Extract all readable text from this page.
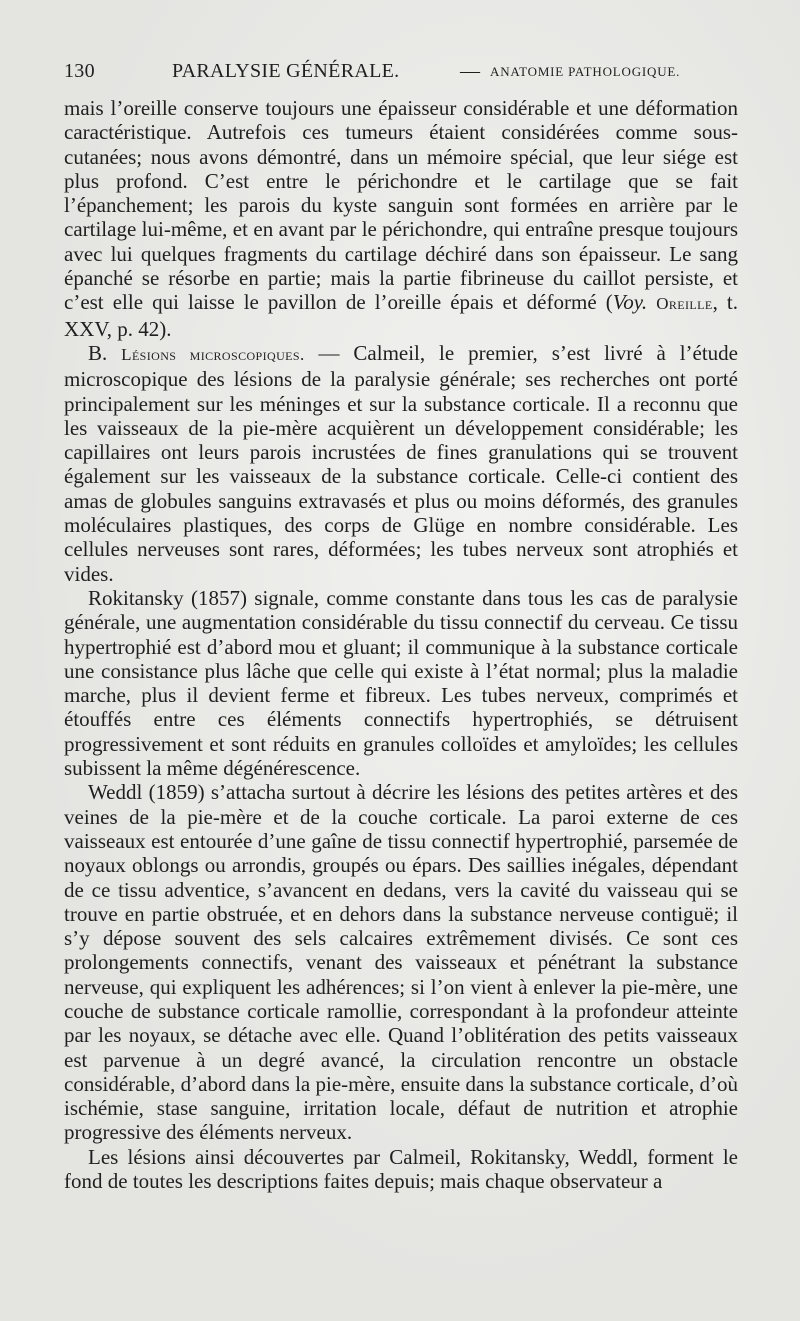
130	PARALYSIE GÉNÉRALE.	— ANATOMIE PATHOLOGIQUE.

mais l’oreille conserve toujours une épaisseur considérable et une déformation caractéristique. Autrefois ces tumeurs étaient considérées comme sous-cutanées; nous avons démontré, dans un mémoire spécial, que leur siége est plus profond. C’est entre le périchondre et le cartilage que se fait l’épanchement; les parois du kyste sanguin sont formées en arrière par le cartilage lui-même, et en avant par le périchondre, qui entraîne presque toujours avec lui quelques fragments du cartilage déchiré dans son épaisseur. Le sang épanché se résorbe en partie; mais la partie fibrineuse du caillot persiste, et c’est elle qui laisse le pavillon de l’oreille épais et déformé (Voy. Oreille, t. XXV, p. 42).

B. Lésions microscopiques. — Calmeil, le premier, s’est livré à l’étude microscopique des lésions de la paralysie générale; ses recherches ont porté principalement sur les méninges et sur la substance corticale. Il a reconnu que les vaisseaux de la pie-mère acquièrent un développement considérable; les capillaires ont leurs parois incrustées de fines granulations qui se trouvent également sur les vaisseaux de la substance corticale. Celle-ci contient des amas de globules sanguins extravasés et plus ou moins déformés, des granules moléculaires plastiques, des corps de Glüge en nombre considérable. Les cellules nerveuses sont rares, déformées; les tubes nerveux sont atrophiés et vides.

Rokitansky (1857) signale, comme constante dans tous les cas de paralysie générale, une augmentation considérable du tissu connectif du cerveau. Ce tissu hypertrophié est d’abord mou et gluant; il communique à la substance corticale une consistance plus lâche que celle qui existe à l’état normal; plus la maladie marche, plus il devient ferme et fibreux. Les tubes nerveux, comprimés et étouffés entre ces éléments connectifs hypertrophiés, se détruisent progressivement et sont réduits en granules colloïdes et amyloïdes; les cellules subissent la même dégénérescence.

Weddl (1859) s’attacha surtout à décrire les lésions des petites artères et des veines de la pie-mère et de la couche corticale. La paroi externe de ces vaisseaux est entourée d’une gaîne de tissu connectif hypertrophié, parsemée de noyaux oblongs ou arrondis, groupés ou épars. Des saillies inégales, dépendant de ce tissu adventice, s’avancent en dedans, vers la cavité du vaisseau qui se trouve en partie obstruée, et en dehors dans la substance nerveuse contiguë; il s’y dépose souvent des sels calcaires extrêmement divisés. Ce sont ces prolongements connectifs, venant des vaisseaux et pénétrant la substance nerveuse, qui expliquent les adhérences; si l’on vient à enlever la pie-mère, une couche de substance corticale ramollie, correspondant à la profondeur atteinte par les noyaux, se détache avec elle. Quand l’oblitération des petits vaisseaux est parvenue à un degré avancé, la circulation rencontre un obstacle considérable, d’abord dans la pie-mère, ensuite dans la substance corticale, d’où ischémie, stase sanguine, irritation locale, défaut de nutrition et atrophie progressive des éléments nerveux.

Les lésions ainsi découvertes par Calmeil, Rokitansky, Weddl, forment le fond de toutes les descriptions faites depuis; mais chaque observateur a
